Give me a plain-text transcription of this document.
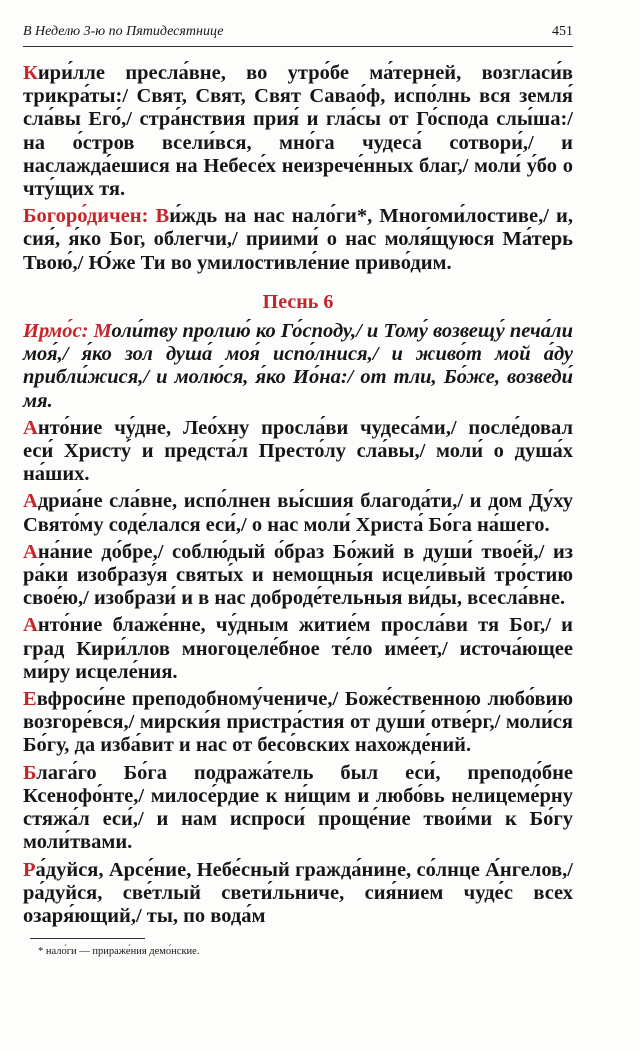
В Неделю 3-ю по Пятидесятнице	451

Кири́лле пресла́вне, во утро́бе ма́терней, возгласи́в трикра́ты:/ Свят, Свят, Свят Савао́ф, испо́лнь вся земля́ сла́вы Его́,/ стра́нствия прия́ и гла́сы от Го́спода слы́ша:/ на о́стров всели́вся, мно́га чудеса́ сотвори́,/ и наслажда́ешися на Небесе́х неизрече́нных благ,/ моли́ у́бо о чту́щих тя.

Богоро́дичен: Ви́ждь на нас нало́ги*, Многоми́лостиве,/ и, сия́, я́ко Бог, облегчи,/ приими́ о нас моля́щуюся Ма́терь Твою́,/ Ю́же Ти во умилостивле́ние приво́дим.

Песнь 6

Ирмо́с: Моли́тву пролию́ ко Го́споду,/ и Тому́ возвещу́ печа́ли моя́,/ я́ко зол душа́ моя́ испо́лнися,/ и живо́т мой а́ду прибли́жися,/ и молю́ся, я́ко Ио́на:/ от тли, Бо́же, возведи́ мя.

Анто́ние чу́дне, Лео́хну просла́ви чудеса́ми,/ после́довал еси́ Христу́ и предста́л Престо́лу сла́вы,/ моли́ о душа́х на́ших.

Адриа́не сла́вне, испо́лнен вы́сшия благода́ти,/ и дом Ду́ху Свято́му соде́лался еси́,/ о нас моли́ Христа́ Бо́га на́шего.

Ана́ние до́бре,/ соблю́дый о́браз Бо́жий в души́ твое́й,/ из ра́ки изобразу́я святы́х и немощны́я исцели́вый тро́стию свое́ю,/ изобрази́ и в нас доброде́тельныя ви́ды, всесла́вне.

Анто́ние блаже́нне, чу́дным житие́м просла́ви тя Бог,/ и град Кири́ллов многоцеле́бное те́ло име́ет,/ источа́ющее ми́ру исцеле́ния.

Евфроси́не преподобному́чениче,/ Боже́ственною любо́вию возгоре́вся,/ мирски́я пристра́стия от души́ отве́рг,/ моли́ся Бо́гу, да изба́вит и нас от бесо́вских нахожде́ний.

Блага́го Бо́га подража́тель был еси́, преподо́бне Ксенофо́нте,/ милосе́рдие к ни́щим и любо́вь нелицеме́рну стяжа́л еси́,/ и нам испроси́ проще́ние твои́ми к Бо́гу моли́твами.

Ра́дуйся, Арсе́ние, Небе́сный гражда́нине, со́лнце А́нгелов,/ ра́дуйся, све́тлый свети́льниче, сия́нием чуде́с всех озаря́ющий,/ ты, по вода́м

* нало́ги — прираже́ния демо́нские.
